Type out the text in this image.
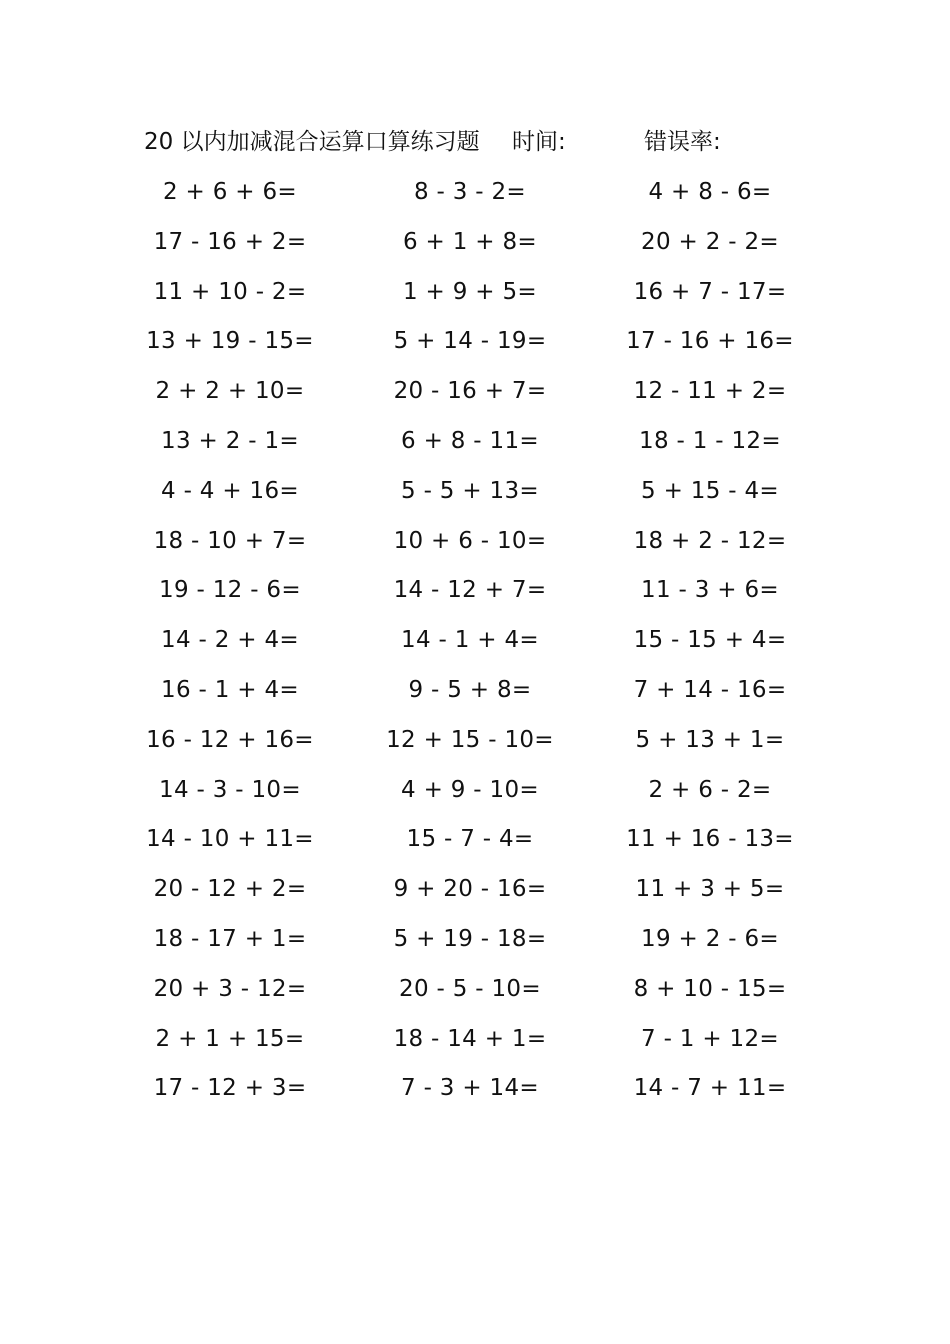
20 以内加减混合运算口算练习题 时间:	错误率:
2 + 6 + 6=	8 - 3 - 2=	4 + 8 - 6=
17 - 16 + 2=	6 + 1 + 8=	20 + 2 - 2=
11 + 10 - 2=	1 + 9 + 5=	16 + 7 - 17=
13 + 19 - 15=	5 + 14 - 19=	17 - 16 + 16=
2 + 2 + 10=	20 - 16 + 7=	12 - 11 + 2=
13 + 2 - 1=	6 + 8 - 11=	18 - 1 - 12=
4 - 4 + 16=	5 - 5 + 13=	5 + 15 - 4=
18 - 10 + 7=	10 + 6 - 10=	18 + 2 - 12=
19 - 12 - 6=	14 - 12 + 7=	11 - 3 + 6=
14 - 2 + 4=	14 - 1 + 4=	15 - 15 + 4=
16 - 1 + 4=	9 - 5 + 8=	7 + 14 - 16=
16 - 12 + 16=	12 + 15 - 10=	5 + 13 + 1=
14 - 3 - 10=	4 + 9 - 10=	2 + 6 - 2=
14 - 10 + 11=	15 - 7 - 4=	11 + 16 - 13=
20 - 12 + 2=	9 + 20 - 16=	11 + 3 + 5=
18 - 17 + 1=	5 + 19 - 18=	19 + 2 - 6=
20 + 3 - 12=	20 - 5 - 10=	8 + 10 - 15=
2 + 1 + 15=	18 - 14 + 1=	7 - 1 + 12=
17 - 12 + 3=	7 - 3 + 14=	14 - 7 + 11=
